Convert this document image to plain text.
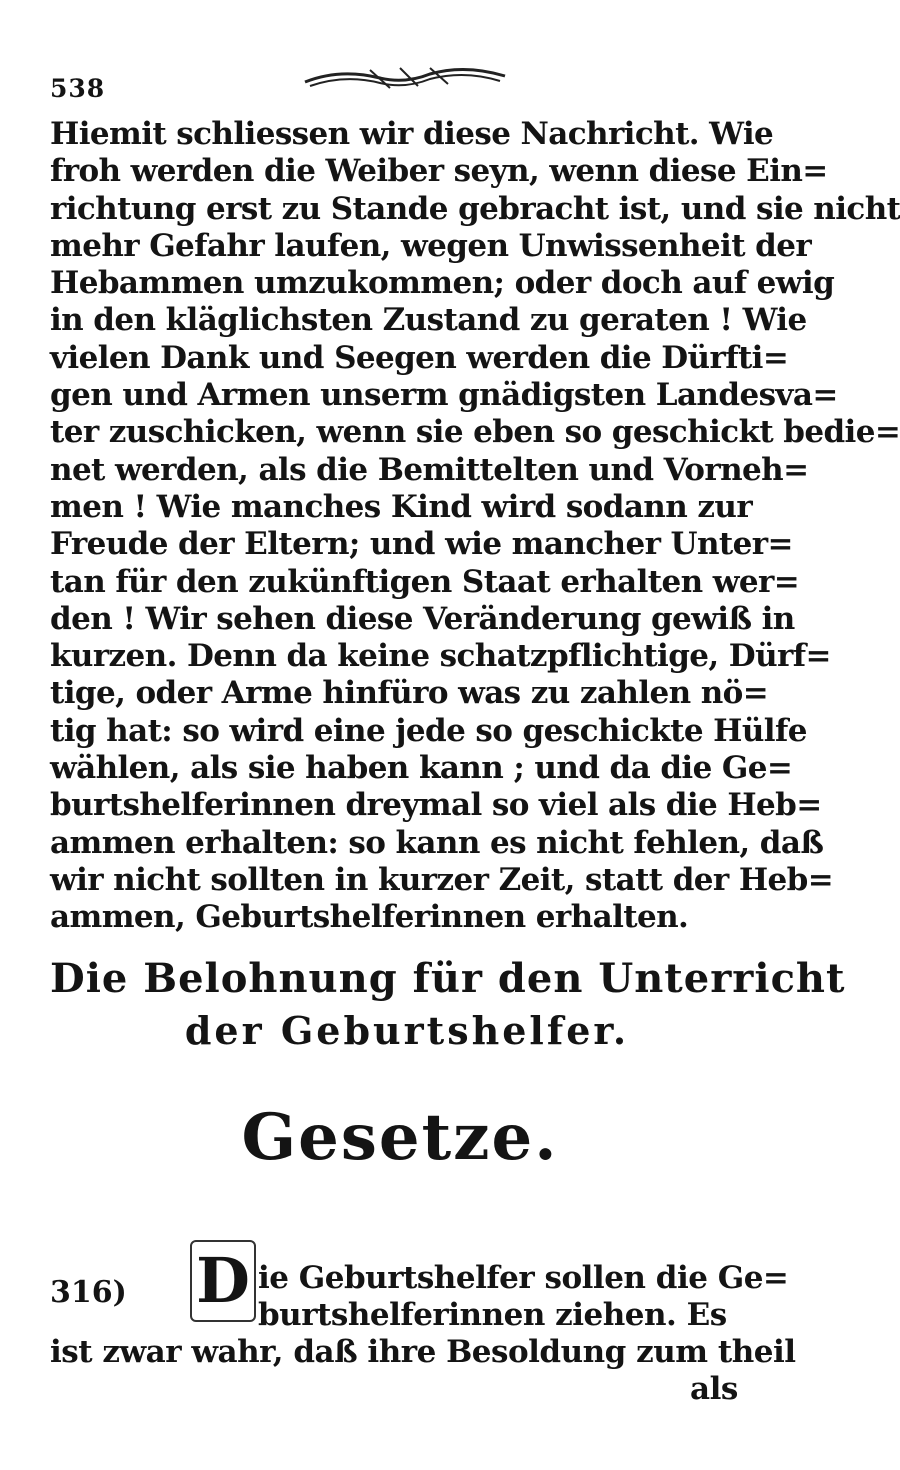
538
Hiemit schliessen wir diese Nachricht. Wie
froh werden die Weiber seyn, wenn diese Ein=
richtung erst zu Stande gebracht ist, und sie nicht
mehr Gefahr laufen, wegen Unwissenheit der
Hebammen umzukommen; oder doch auf ewig
in den kläglichsten Zustand zu geraten ! Wie
vielen Dank und Seegen werden die Dürfti=
gen und Armen unserm gnädigsten Landesva=
ter zuschicken, wenn sie eben so geschickt bedie=
net werden, als die Bemittelten und Vorneh=
men ! Wie manches Kind wird sodann zur
Freude der Eltern; und wie mancher Unter=
tan für den zukünftigen Staat erhalten wer=
den ! Wir sehen diese Veränderung gewiß in
kurzen. Denn da keine schatzpflichtige, Dürf=
tige, oder Arme hinfüro was zu zahlen nö=
tig hat: so wird eine jede so geschickte Hülfe
wählen, als sie haben kann ; und da die Ge=
burtshelferinnen dreymal so viel als die Heb=
ammen erhalten: so kann es nicht fehlen, daß
wir nicht sollten in kurzer Zeit, statt der Heb=
ammen, Geburtshelferinnen erhalten.
Die Belohnung für den Unterricht
der Geburtshelfer.
Gesetze.
316) D ie Geburtshelfer sollen die Ge=

burtshelferinnen ziehen. Es

ist zwar wahr, daß ihre Besoldung zum theil

als
